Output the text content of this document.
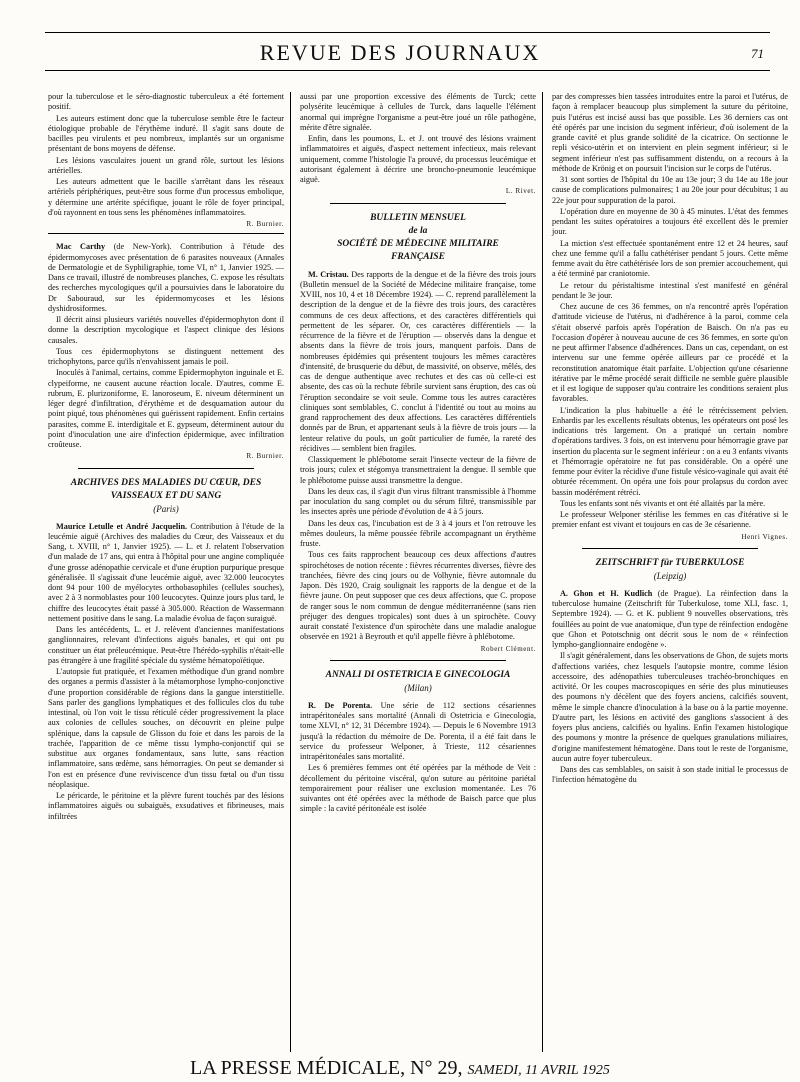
REVUE DES JOURNAUX	71

pour la tuberculose et le séro-diagnostic tuberculeux a été fortement positif.

Les auteurs estiment donc que la tuberculose semble être le facteur étiologique probable de l'érythème induré. Il s'agit sans doute de bacilles peu virulents et peu nombreux, implantés sur un organisme présentant de bons moyens de défense.

Les lésions vasculaires jouent un grand rôle, surtout les lésions artérielles.

Les auteurs admettent que le bacille s'arrêtant dans les réseaux artériels périphériques, peut-être sous forme d'un processus embolique, y détermine une artérite spécifique, jouant le rôle de foyer principal, d'où rayonnent en tous sens les phénomènes inflammatoires.

R. Burnier.

Mac Carthy (de New-York). Contribution à l'étude des épidermomycoses avec présentation de 6 parasites nouveaux (Annales de Dermatologie et de Syphiligraphie, tome VI, n° 1, Janvier 1925. — Dans ce travail, illustré de nombreuses planches, C. expose les résultats des recherches mycologiques qu'il a poursuivies dans le laboratoire du Dr Sabouraud, sur les épidermomycoses et les lésions dyshidrosiformes.

Il décrit ainsi plusieurs variétés nouvelles d'épidermophyton dont il donne la description mycologique et l'aspect clinique des lésions causales.

Tous ces épidermophytons se distinguent nettement des trichophytons, parce qu'ils n'envahissent jamais le poil.

Inoculés à l'animal, certains, comme Epidermophyton inguinale et E. clypeiforme, ne causent aucune réaction locale. D'autres, comme E. rubrum, E. plurizoniforme, E. lanoroseum, E. niveum déterminent un léger degré d'infiltration, d'érythème et de desquamation autour du point piqué, tous phénomènes qui guérissent rapidement. Enfin certains parasites, comme E. interdigitale et E. gypseum, déterminent autour du point d'inoculation une aire d'infection épidermique, avec infiltration croûteuse.

R. Burnier.

ARCHIVES DES MALADIES DU CŒUR, DES VAISSEAUX ET DU SANG
(Paris)

Maurice Letulle et André Jacquelin. Contribution à l'étude de la leucémie aiguë (Archives des maladies du Cœur, des Vaisseaux et du Sang, t. XVIII, n° 1, Janvier 1925). — L. et J. relatent l'observation d'un malade de 17 ans, qui entra à l'hôpital pour une angine compliquée d'une grosse adénopathie cervicale et d'une éruption purpurique presque généralisée. Il s'agissait d'une leucémie aiguë, avec 32.000 leucocytes dont 94 pour 100 de myélocytes orthobasophiles (cellules souches), avec 2 à 3 normoblastes pour 100 leucocytes. Quinze jours plus tard, le chiffre des leucocytes était passé à 305.000. Réaction de Wassermann nettement positive dans le sang. La maladie évolua de façon suraiguë.

Dans les antécédents, L. et J. relèvent d'anciennes manifestations ganglionnaires, relevant d'infections aiguës banales, et qui ont pu constituer un état préleucémique. Peut-être l'hérédo-syphilis n'était-elle pas étrangère à une fragilité spéciale du système hématopoïétique.

L'autopsie fut pratiquée, et l'examen méthodique d'un grand nombre des organes a permis d'assister à la métamorphose lympho-conjonctive d'une proportion considérable de régions dans la gangue interstitielle. Sans parler des ganglions lymphatiques et des follicules clos du tube intestinal, où l'on voit le tissu réticulé céder progressivement la place aux colonies de cellules souches, on découvrit en pleine pulpe splénique, dans la capsule de Glisson du foie et dans les parois de la trachée, l'apparition de ce même tissu lympho-conjonctif qui se substitue aux organes fondamentaux, sans lutte, sans réaction inflammatoire, sans œdème, sans hémorragies. On peut se demander si l'on est en présence d'une reviviscence d'un tissu fœtal ou d'un tissu néoplasique.

Le péricarde, le péritoine et la plèvre furent touchés par des lésions inflammatoires aiguës ou subaiguës, exsudatives et fibrineuses, mais infiltrées

aussi par une proportion excessive des éléments de Turck; cette polysérite leucémique à cellules de Turck, dans laquelle l'élément anormal qui imprègne l'organisme a peut-être joué un rôle pathogène, mérite d'être signalée.

Enfin, dans les poumons, L. et J. ont trouvé des lésions vraiment inflammatoires et aiguës, d'aspect nettement infectieux, mais relevant uniquement, comme l'histologie l'a prouvé, du processus leucémique et autorisant également à décrire une broncho-pneumonie leucémique aiguë.

L. Rivet.

BULLETIN MENSUEL
de la
SOCIÉTÉ DE MÉDECINE MILITAIRE
FRANÇAISE

M. Cristau. Des rapports de la dengue et de la fièvre des trois jours (Bulletin mensuel de la Société de Médecine militaire française, tome XVIII, nos 10, 4 et 18 Décembre 1924). — C. reprend parallèlement la description de la dengue et de la fièvre des trois jours, des caractères communs de ces deux affections, et des caractères différentiels qui permettent de les séparer. Or, ces caractères différentiels — la récurrence de la fièvre et de l'éruption — observés dans la dengue et absents dans la fièvre de trois jours, manquent parfois. Dans de nombreuses épidémies qui présentent toujours les mêmes caractères d'intensité, de brusquerie du début, de massivité, on observe, mêlés, des cas de dengue authentique avec rechutes et des cas où celle-ci est absente, des cas où la rechute fébrile survient sans éruption, des cas où l'éruption secondaire se voit seule. Comme tous les autres caractères cliniques sont semblables, C. conclut à l'identité ou tout au moins au grand rapprochement des deux affections. Les caractères différentiels donnés par de Brun, et appartenant seuls à la fièvre de trois jours — la lenteur relative du pouls, un goût particulier de fumée, la rareté des récidives — semblent bien fragiles.

Classiquement le phlébotome serait l'insecte vecteur de la fièvre de trois jours; culex et stégomya transmettraient la dengue. Il semble que le phlébotome puisse aussi transmettre la dengue.

Dans les deux cas, il s'agit d'un virus filtrant transmissible à l'homme par inoculation du sang complet ou du sérum filtré, transmissible par les insectes après une période d'évolution de 4 à 5 jours.

Dans les deux cas, l'incubation est de 3 à 4 jours et l'on retrouve les mêmes douleurs, la même poussée fébrile accompagnant un érythème fruste.

Tous ces faits rapprochent beaucoup ces deux affections d'autres spirochétoses de notion récente : fièvres récurrentes diverses, fièvre des tranchées, fièvre des cinq jours ou de Volhynie, fièvre automnale du Japon. Dès 1920, Craig soulignait les rapports de la dengue et de la fièvre jaune. On peut supposer que ces deux affections, que C. propose de ranger sous le nom commun de dengue méditerranéenne (sans rien préjuger des dengues tropicales) sont dues à un spirochète. Couvy aurait constaté l'existence d'un spirochète dans une maladie analogue observée en 1921 à Beyrouth et qu'il appelle fièvre à phlébotome.

Robert Clément.

ANNALI DI OSTETRICIA E GINECOLOGIA
(Milan)

R. De Porenta. Une série de 112 sections césariennes intrapéritonéales sans mortalité (Annali di Ostetricia e Ginecologia, tome XLVI, n° 12, 31 Décembre 1924). — Depuis le 6 Novembre 1913 jusqu'à la rédaction du mémoire de De. Porenta, il a été fait dans le service du professeur Welponer, à Trieste, 112 césariennes intrapéritonéales sans mortalité.

Les 6 premières femmes ont été opérées par la méthode de Veit : décollement du péritoine viscéral, qu'on suture au péritoine pariétal temporairement pour réaliser une exclusion momentanée. Les 76 suivantes ont été opérées avec la méthode de Baisch parce que plus simple : la cavité péritonéale est isolée

par des compresses bien tassées introduites entre la paroi et l'utérus, de façon à remplacer beaucoup plus simplement la suture du péritoine, puis l'utérus est incisé aussi bas que possible. Les 36 derniers cas ont été opérés par une incision du segment inférieur, d'où isolement de la grande cavité et plus grande solidité de la cicatrice. On sectionne le repli vésico-utérin et on intervient en plein segment inférieur; si le segment inférieur n'est pas suffisamment distendu, on a recours à la méthode de Krönig et on poursuit l'incision sur le corps de l'utérus.

31 sont sorties de l'hôpital du 10e au 13e jour; 3 du 14e au 18e jour cause de complications pulmonaires; 1 au 20e jour pour décubitus; 1 au 22e jour pour suppuration de la paroi.

L'opération dure en moyenne de 30 à 45 minutes. L'état des femmes pendant les suites opératoires a toujours été excellent dès le premier jour.

La miction s'est effectuée spontanément entre 12 et 24 heures, sauf chez une femme qu'il a fallu cathétériser pendant 5 jours. Cette même femme avait du être cathétérisée lors de son premier accouchement, qui a été terminé par craniotomie.

Le retour du péristaltisme intestinal s'est manifesté en général pendant le 3e jour.

Chez aucune de ces 36 femmes, on n'a rencontré après l'opération d'attitude vicieuse de l'utérus, ni d'adhérence à la paroi, comme cela s'était observé parfois après l'opération de Baisch. On n'a pas eu l'occasion d'opérer à nouveau aucune de ces 36 femmes, en sorte qu'on ne peut affirmer l'absence d'adhérences. Dans un cas, cependant, on est intervenu sur une femme opérée ailleurs par ce procédé et la reconstitution anatomique était parfaite. L'objection qu'une césarienne itérative par le même procédé serait difficile ne semble guère plausible et il est logique de supposer qu'au contraire les conditions seraient plus favorables.

L'indication la plus habituelle a été le rétrécissement pelvien. Enhardis par les excellents résultats obtenus, les opérateurs ont posé les indications très largement. On a pratiqué un certain nombre d'opérations tardives. 3 fois, on est intervenu pour hémorragie grave par insertion du placenta sur le segment inférieur : on a eu 3 enfants vivants et l'hémorragie opératoire ne fut pas considérable. On a opéré une femme pour éviter la récidive d'une fistule vésico-vaginale qui avait été obturée récemment. On opéra une fois pour prolapsus du cordon avec bassin modérément rétréci.

Tous les enfants sont nés vivants et ont été allaités par la mère.

Le professeur Welponer stérilise les femmes en cas d'itérative si le premier enfant est vivant et toujours en cas de 3e césarienne.

Henri Vignes.

ZEITSCHRIFT für TUBERKULOSE
(Leipzig)

A. Ghon et H. Kudlich (de Prague). La réinfection dans la tuberculose humaine (Zeitschrift für Tuberkulose, tome XLI, fasc. 1, Septembre 1924). — G. et K. publient 9 nouvelles observations, très fouillées au point de vue anatomique, d'un type de réinfection endogène que Ghon et Pototschnig ont décrit sous le nom de « réinfection lympho-ganglionnaire endogène ».

Il s'agit généralement, dans les observations de Ghon, de sujets morts d'affections variées, chez lesquels l'autopsie montre, comme lésion accessoire, des adénopathies tuberculeuses trachéo-bronchiques en activité. Or les coupes macroscopiques en série des plus minutieuses des poumons n'y décèlent que des foyers anciens, calcifiés souvent, même le simple chancre d'inoculation à la base ou à la partie moyenne. D'autre part, les lésions en activité des ganglions s'associent à des foyers plus anciens, calcifiés ou hyalins. Enfin l'examen histologique des poumons y montre la présence de quelques granulations miliaires, d'origine manifestement hématogène. Dans tout le reste de l'organisme, aucun autre foyer tuberculeux.

Dans des cas semblables, on saisit à son stade initial le processus de l'infection hématogène du

LA PRESSE MÉDICALE, N° 29, SAMEDI, 11 AVRIL 1925
